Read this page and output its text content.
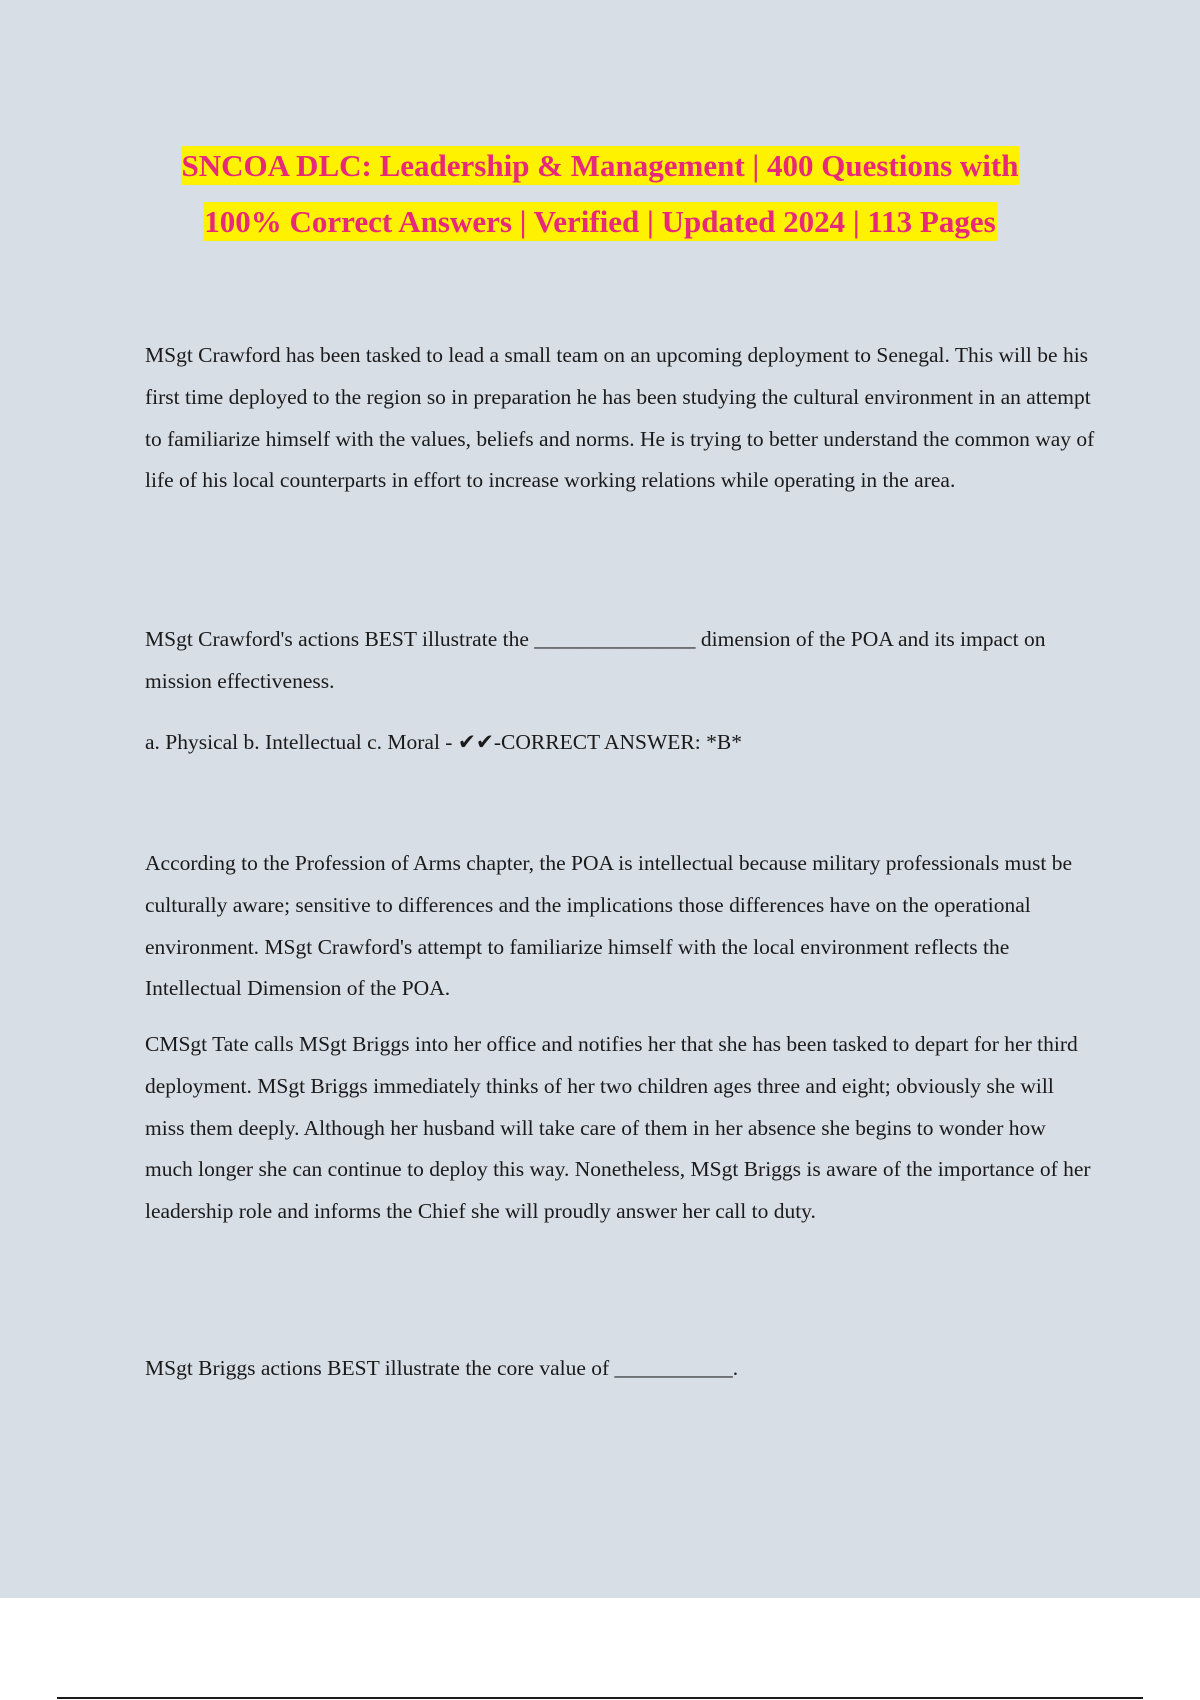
SNCOA DLC: Leadership & Management | 400 Questions with
100% Correct Answers | Verified | Updated 2024 | 113 Pages

MSgt Crawford has been tasked to lead a small team on an upcoming deployment to Senegal. This will be his first time deployed to the region so in preparation he has been studying the cultural environment in an attempt to familiarize himself with the values, beliefs and norms. He is trying to better understand the common way of life of his local counterparts in effort to increase working relations while operating in the area.

MSgt Crawford's actions BEST illustrate the _______________ dimension of the POA and its impact on mission effectiveness.

a. Physical b. Intellectual c. Moral - ✔✔-CORRECT ANSWER: *B*

According to the Profession of Arms chapter, the POA is intellectual because military professionals must be culturally aware; sensitive to differences and the implications those differences have on the operational environment. MSgt Crawford's attempt to familiarize himself with the local environment reflects the Intellectual Dimension of the POA.

CMSgt Tate calls MSgt Briggs into her office and notifies her that she has been tasked to depart for her third deployment. MSgt Briggs immediately thinks of her two children ages three and eight; obviously she will miss them deeply. Although her husband will take care of them in her absence she begins to wonder how much longer she can continue to deploy this way. Nonetheless, MSgt Briggs is aware of the importance of her leadership role and informs the Chief she will proudly answer her call to duty.

MSgt Briggs actions BEST illustrate the core value of ___________.
